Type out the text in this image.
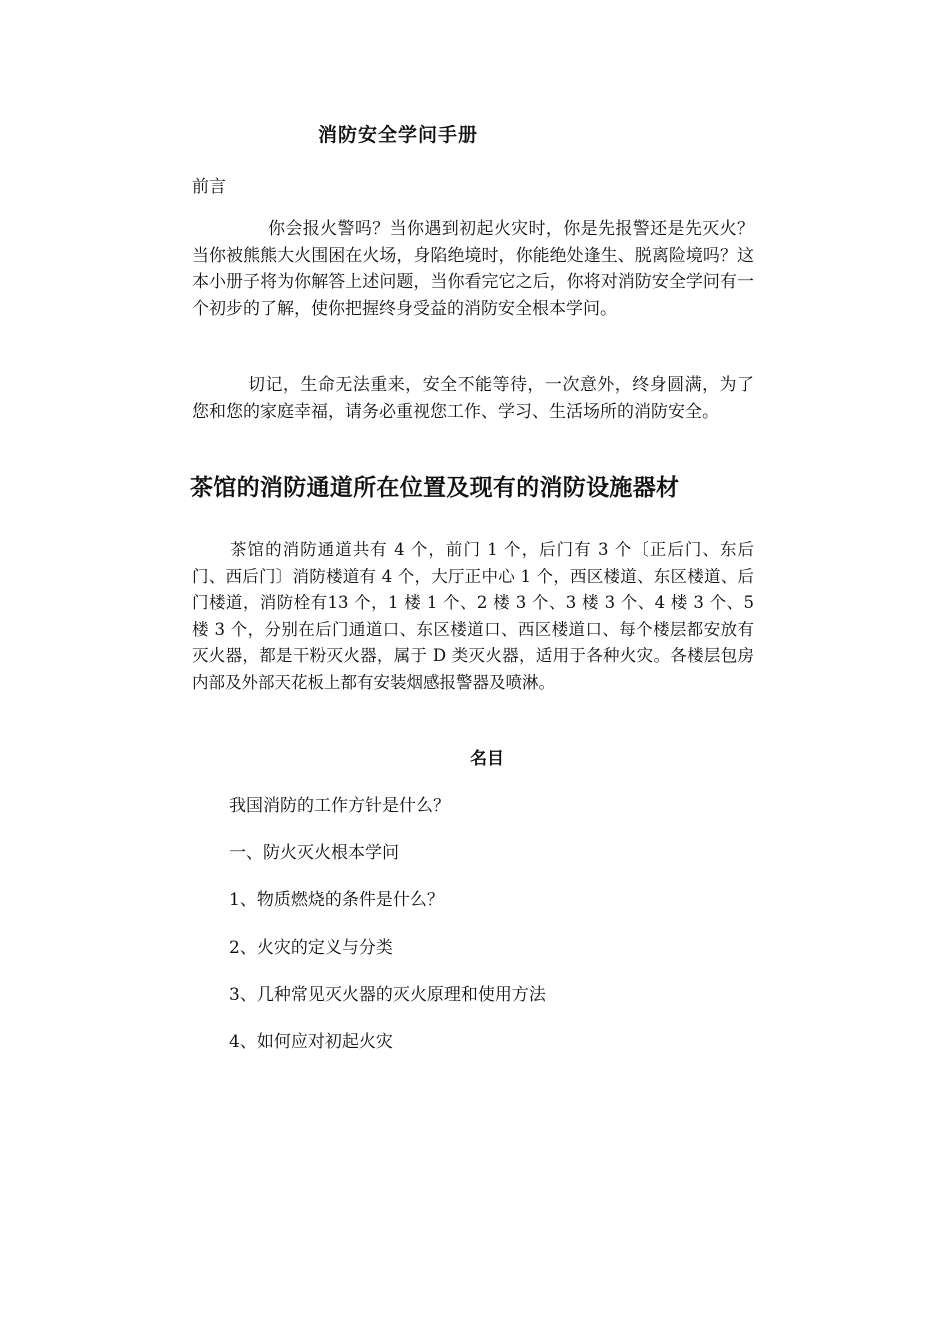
消防安全学问手册
前言

你会报火警吗？当你遇到初起火灾时，你是先报警还是先灭火？当你被熊熊大火围困在火场，身陷绝境时，你能绝处逢生、脱离险境吗？这本小册子将为你解答上述问题，当你看完它之后，你将对消防安全学问有一个初步的了解，使你把握终身受益的消防安全根本学问。

切记，生命无法重来，安全不能等待，一次意外，终身圆满，为了您和您的家庭幸福，请务必重视您工作、学习、生活场所的消防安全。

茶馆的消防通道所在位置及现有的消防设施器材

茶馆的消防通道共有 4 个，前门 1 个，后门有 3 个〔正后门、东后门、西后门〕消防楼道有 4 个，大厅正中心 1 个，西区楼道、东区楼道、后门楼道，消防栓有13 个，1 楼 1 个、2 楼 3 个、3 楼 3 个、4 楼 3 个、5 楼 3 个，分别在后门通道口、东区楼道口、西区楼道口、每个楼层都安放有灭火器，都是干粉灭火器，属于 D 类灭火器，适用于各种火灾。各楼层包房内部及外部天花板上都有安装烟感报警器及喷淋。

名目
我国消防的工作方针是什么？
一、防火灭火根本学问
1、物质燃烧的条件是什么？
2、火灾的定义与分类
3、几种常见灭火器的灭火原理和使用方法
4、如何应对初起火灾
